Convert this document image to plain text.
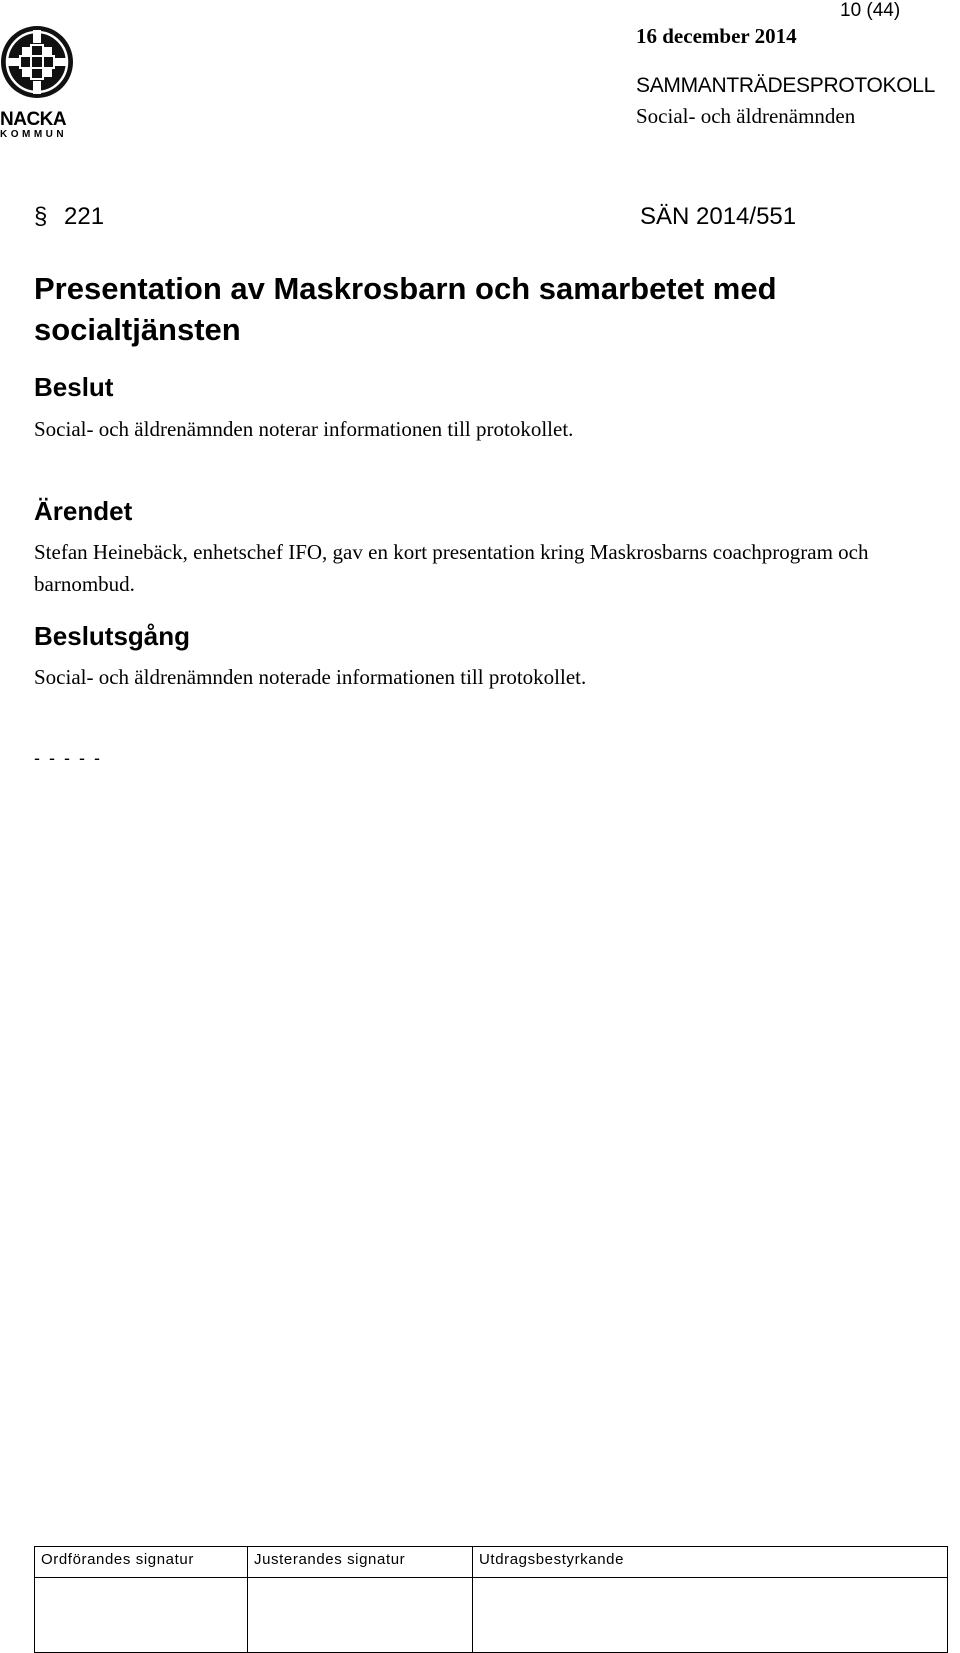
NACKA
KOMMUN
10 (44)
16 december 2014
SAMMANTRÄDESPROTOKOLL
Social- och äldrenämnden
§ 221	SÄN 2014/551
Presentation av Maskrosbarn och samarbetet med socialtjänsten
Beslut
Social- och äldrenämnden noterar informationen till protokollet.
Ärendet
Stefan Heinebäck, enhetschef IFO, gav en kort presentation kring Maskrosbarns coachprogram och barnombud.
Beslutsgång
Social- och äldrenämnden noterade informationen till protokollet.
- - - - -
Ordförandes signatur	Justerandes signatur	Utdragsbestyrkande
